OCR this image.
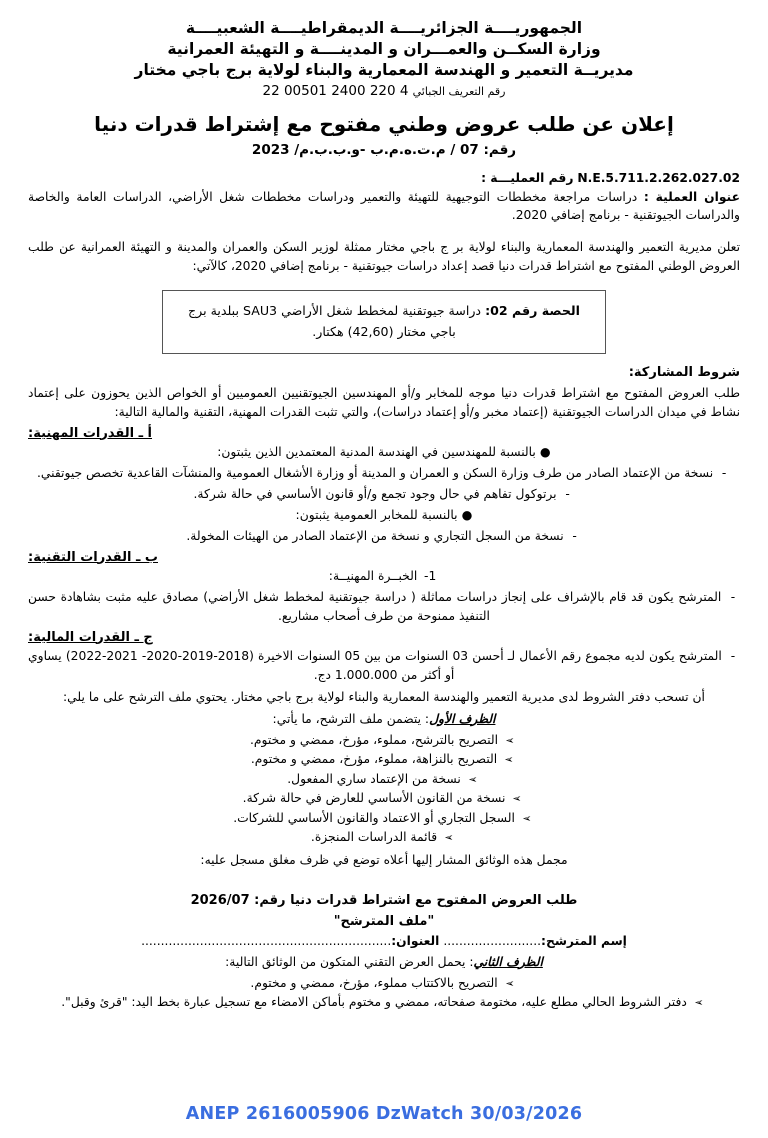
الجمهوريــــة الجزائريــــة الديمقراطيــــة الشعبيــــة
وزارة السكــن والعمـــران و المدينــــة و التهيئة العمرانية
مديريــة التعمير و الهندسة المعمارية والبناء لولاية برج باجي مختار
رقم التعريف الجبائي 22 00501 2400 220 4
إعلان عن طلب عروض وطني مفتوح مع إشتراط قدرات دنيا
رقم: 07 / م.ت.ه.م.ب -و.ب.ب.م/ 2023
N.E.5.711.2.262.027.02 رقم العمليـــة :
عنوان العملية : دراسات مراجعة مخططات التوجيهية للتهيئة والتعمير ودراسات مخططات شغل الأراضي، الدراسات العامة والخاصة والدراسات الجيوتقنية - برنامج إضافي 2020.
تعلن مديرية التعمير والهندسة المعمارية والبناء لولاية بر ج باجي مختار ممثلة لوزير السكن والعمران والمدينة و التهيئة العمرانية عن طلب العروض الوطني المفتوح مع اشتراط قدرات دنيا قصد إعداد دراسات جيوتقنية - برنامج إضافي 2020، كالآتي:
الحصة رقم 02: دراسة جيوتقنية لمخطط شغل الأراضي SAU3 ببلدية برج باجي مختار (42,60) هكتار.
شروط المشاركة:
طلب العروض المفتوح مع اشتراط قدرات دنيا موجه للمخابر و/أو المهندسين الجيوتقنيين العموميين أو الخواص الذين يحوزون على إعتماد نشاط في ميدان الدراسات الجيوتقنية (إعتماد مخبر و/أو إعتماد دراسات)، والتي تثبت القدرات المهنية، التقنية والمالية التالية:
أ ـ القدرات المهنية:
● بالنسبة للمهندسين في الهندسة المدنية المعتمدين الذين يثبتون:
- نسخة من الإعتماد الصادر من طرف وزارة السكن و العمران و المدينة أو وزارة الأشغال العمومية والمنشآت القاعدية تخصص جيوتقني.
- برتوكول تفاهم في حال وجود تجمع و/أو قانون الأساسي في حالة شركة.
● بالنسبة للمخابر العمومية يثبتون:
- نسخة من السجل التجاري و نسخة من الإعتماد الصادر من الهيئات المخولة.
ب ـ القدرات التقنية:
1- الخبــرة المهنيــة:
- المترشح يكون قد قام بالإشراف على إنجاز دراسات مماثلة ( دراسة جيوتقنية لمخطط شغل الأراضي) مصادق عليه مثبت بشاهادة حسن التنفيذ ممنوحة من طرف أصحاب مشاريع.
ج ـ القدرات المالية:
- المترشح يكون لديه مجموع رقم الأعمال لـ أحسن 03 السنوات من بين 05 السنوات الاخيرة (2018-2019-2020- 2021-2022) يساوي أو أكثر من 1.000.000 دج.
أن تسحب دفتر الشروط لدى مديرية التعمير والهندسة المعمارية والبناء لولاية برج باجي مختار. يحتوي ملف الترشح على ما يلي:
الظرف الأول: يتضمن ملف الترشح، ما يأتي:
➢ التصريح بالترشح، مملوء، مؤرخ، ممضي و مختوم.
➢ التصريح بالنزاهة، مملوء، مؤرخ، ممضي و مختوم.
➢ نسخة من الإعتماد ساري المفعول.
➢ نسخة من القانون الأساسي للعارض في حالة شركة.
➢ السجل التجاري أو الاعتماد والقانون الأساسي للشركات.
➢ قائمة الدراسات المنجزة.
مجمل هذه الوثائق المشار إليها أعلاه توضع في ظرف مغلق مسجل عليه:
طلب العروض المفتوح مع اشتراط قدرات دنيا رقم: 2026/07
"ملف المترشح"
إسم المترشح:......................... العنوان:................................................................
الظرف الثاني: يحمل العرض التقني المتكون من الوثائق التالية:
➢ التصريح بالاكتتاب مملوء، مؤرخ، ممضي و مختوم.
➢ دفتر الشروط الحالي مطلع عليه، مختومة صفحاته، ممضي و مختوم بأماكن الامضاء مع تسجيل عبارة بخط اليد: "قرئ وقبل".
ANEP 2616005906 DzWatch 30/03/2026
